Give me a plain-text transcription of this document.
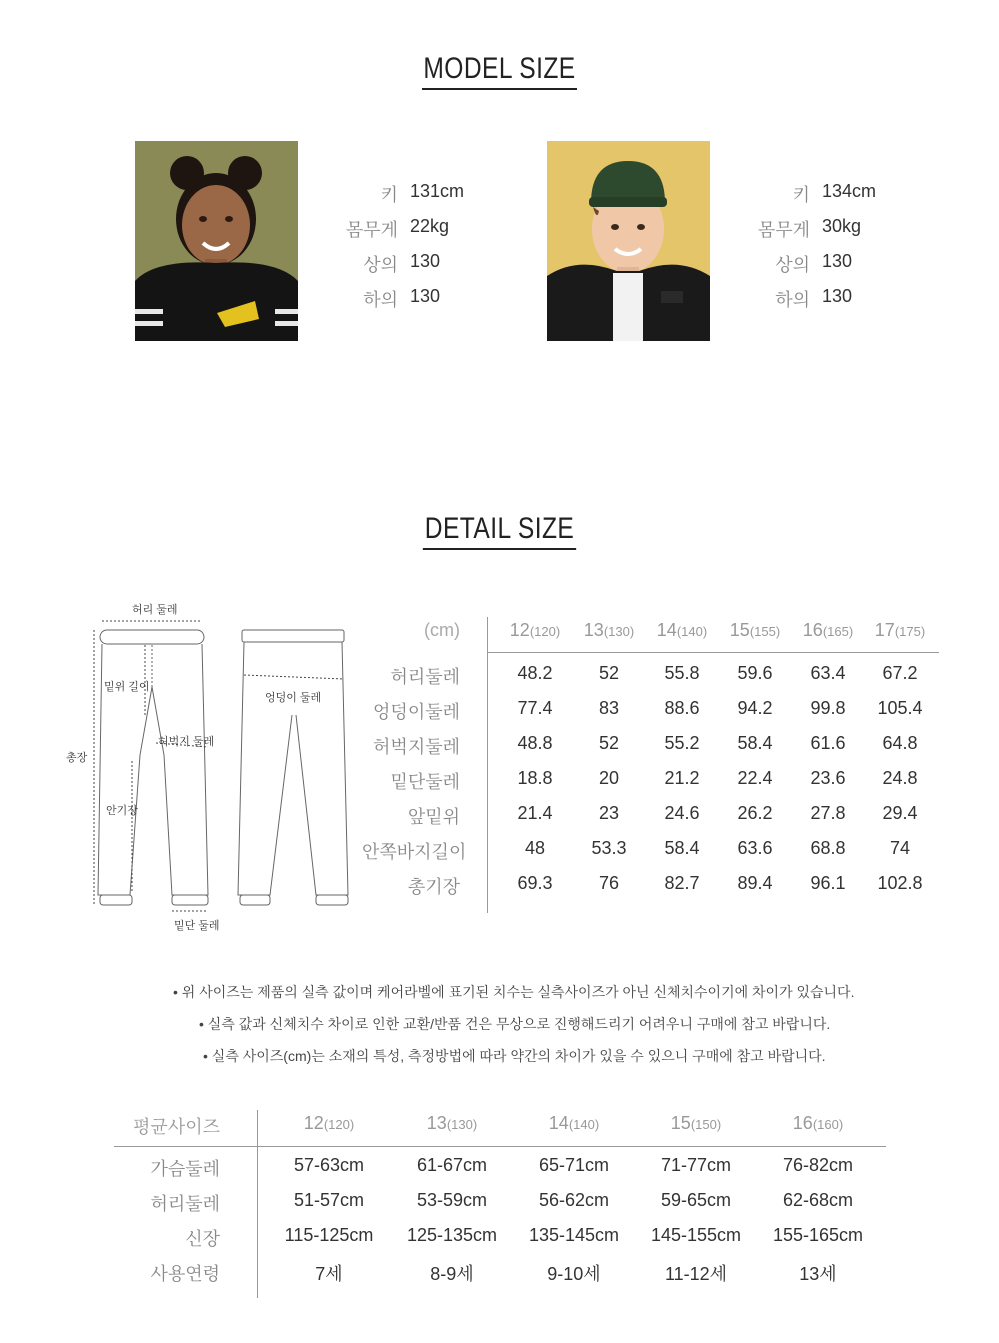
MODEL SIZE
키 131cm
몸무게 22kg
상의 130
하의 130
키 134cm
몸무게 30kg
상의 130
하의 130
DETAIL SIZE
허리 둘레
밑위 길이
총장
허벅지 둘레
안기장
밑단 둘레
엉덩이 둘레
(cm)	12(120)	13(130)	14(140)	15(155)	16(165)	17(175)
허리둘레	48.2	52	55.8	59.6	63.4	67.2
엉덩이둘레	77.4	83	88.6	94.2	99.8	105.4
허벅지둘레	48.8	52	55.2	58.4	61.6	64.8
밑단둘레	18.8	20	21.2	22.4	23.6	24.8
앞밑위	21.4	23	24.6	26.2	27.8	29.4
안쪽바지길이	48	53.3	58.4	63.6	68.8	74
총기장	69.3	76	82.7	89.4	96.1	102.8
• 위 사이즈는 제품의 실측 값이며 케어라벨에 표기된 치수는 실측사이즈가 아닌 신체치수이기에 차이가 있습니다.
• 실측 값과 신체치수 차이로 인한 교환/반품 건은 무상으로 진행해드리기 어려우니 구매에 참고 바랍니다.
• 실측 사이즈(cm)는 소재의 특성, 측정방법에 따라 약간의 차이가 있을 수 있으니 구매에 참고 바랍니다.
평균사이즈	12(120)	13(130)	14(140)	15(150)	16(160)
가슴둘레	57-63cm	61-67cm	65-71cm	71-77cm	76-82cm
허리둘레	51-57cm	53-59cm	56-62cm	59-65cm	62-68cm
신장	115-125cm	125-135cm	135-145cm	145-155cm	155-165cm
사용연령	7세	8-9세	9-10세	11-12세	13세
